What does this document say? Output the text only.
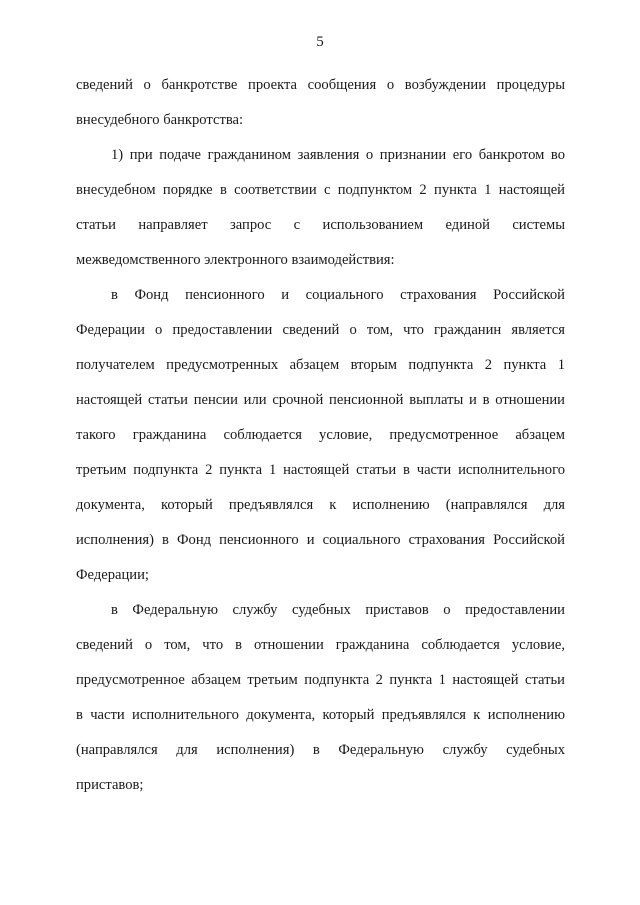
5
сведений о банкротстве проекта сообщения о возбуждении процедуры
внесудебного банкротства:
1) при подаче гражданином заявления о признании его банкротом во
внесудебном порядке в соответствии с подпунктом 2 пункта 1 настоящей
статьи направляет запрос с использованием единой системы
межведомственного электронного взаимодействия:
в Фонд пенсионного и социального страхования Российской
Федерации о предоставлении сведений о том, что гражданин является
получателем предусмотренных абзацем вторым подпункта 2 пункта 1
настоящей статьи пенсии или срочной пенсионной выплаты и в отношении
такого гражданина соблюдается условие, предусмотренное абзацем
третьим подпункта 2 пункта 1 настоящей статьи в части исполнительного
документа, который предъявлялся к исполнению (направлялся для
исполнения) в Фонд пенсионного и социального страхования Российской
Федерации;
в Федеральную службу судебных приставов о предоставлении
сведений о том, что в отношении гражданина соблюдается условие,
предусмотренное абзацем третьим подпункта 2 пункта 1 настоящей статьи
в части исполнительного документа, который предъявлялся к исполнению
(направлялся для исполнения) в Федеральную службу судебных
приставов;
